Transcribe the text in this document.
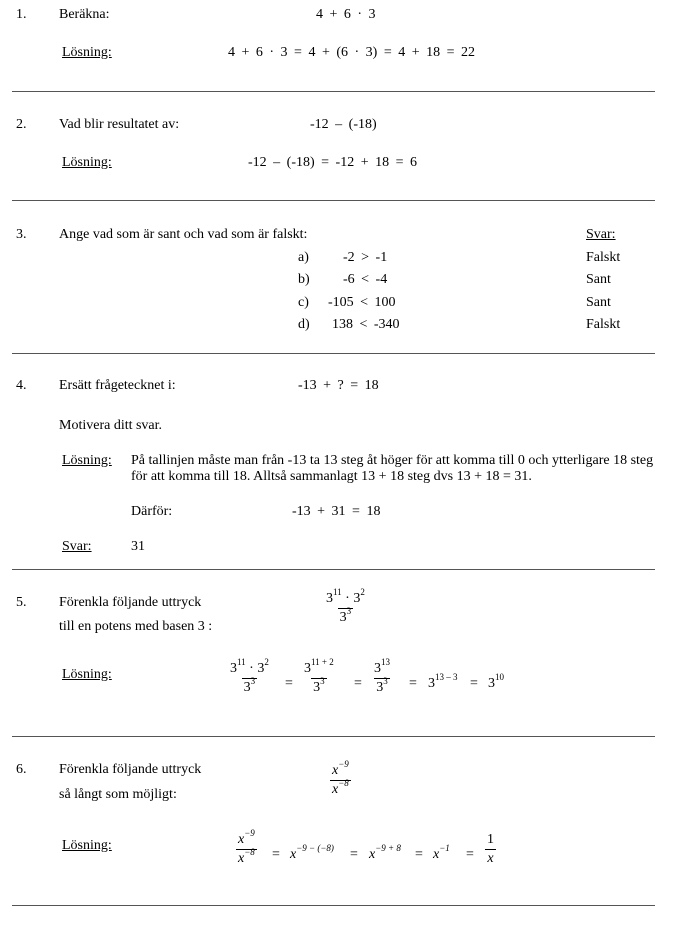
1. Beräkna:	4 + 6 · 3
Lösning:	4 + 6 · 3 = 4 + (6 · 3) = 4 + 18 = 22
2. Vad blir resultatet av:	-12 – (-18)
Lösning:	-12 – (-18) = -12 + 18 = 6
3. Ange vad som är sant och vad som är falskt:	Svar:
a) -2 > -1	Falskt
b) -6 < -4	Sant
c) -105 < 100	Sant
d) 138 < -340	Falskt
4. Ersätt frågetecknet i:	-13 + ? = 18
Motivera ditt svar.
Lösning: På tallinjen måste man från -13 ta 13 steg åt höger för att komma till 0 och ytterligare 18 steg för att komma till 18. Alltså sammanlagt 13 + 18 steg dvs 13 + 18 = 31.
Därför:	-13 + 31 = 18
Svar:	31
5. Förenkla följande uttryck
till en potens med basen 3 :
$\frac{3^{11} \cdot 3^2}{3^3}$
Lösning:	$\frac{3^{11} \cdot 3^2}{3^3} = \frac{3^{11 + 2}}{3^3} = \frac{3^{13}}{3^3} = 3^{13 - 3} = 3^{10}$
6. Förenkla följande uttryck
så långt som möjligt:	$\frac{x^{-9}}{x^{-8}}$
Lösning:	$\frac{x^{-9}}{x^{-8}} = x^{-9 - (-8)} = x^{-9 + 8} = x^{-1} = \frac{1}{x}$
